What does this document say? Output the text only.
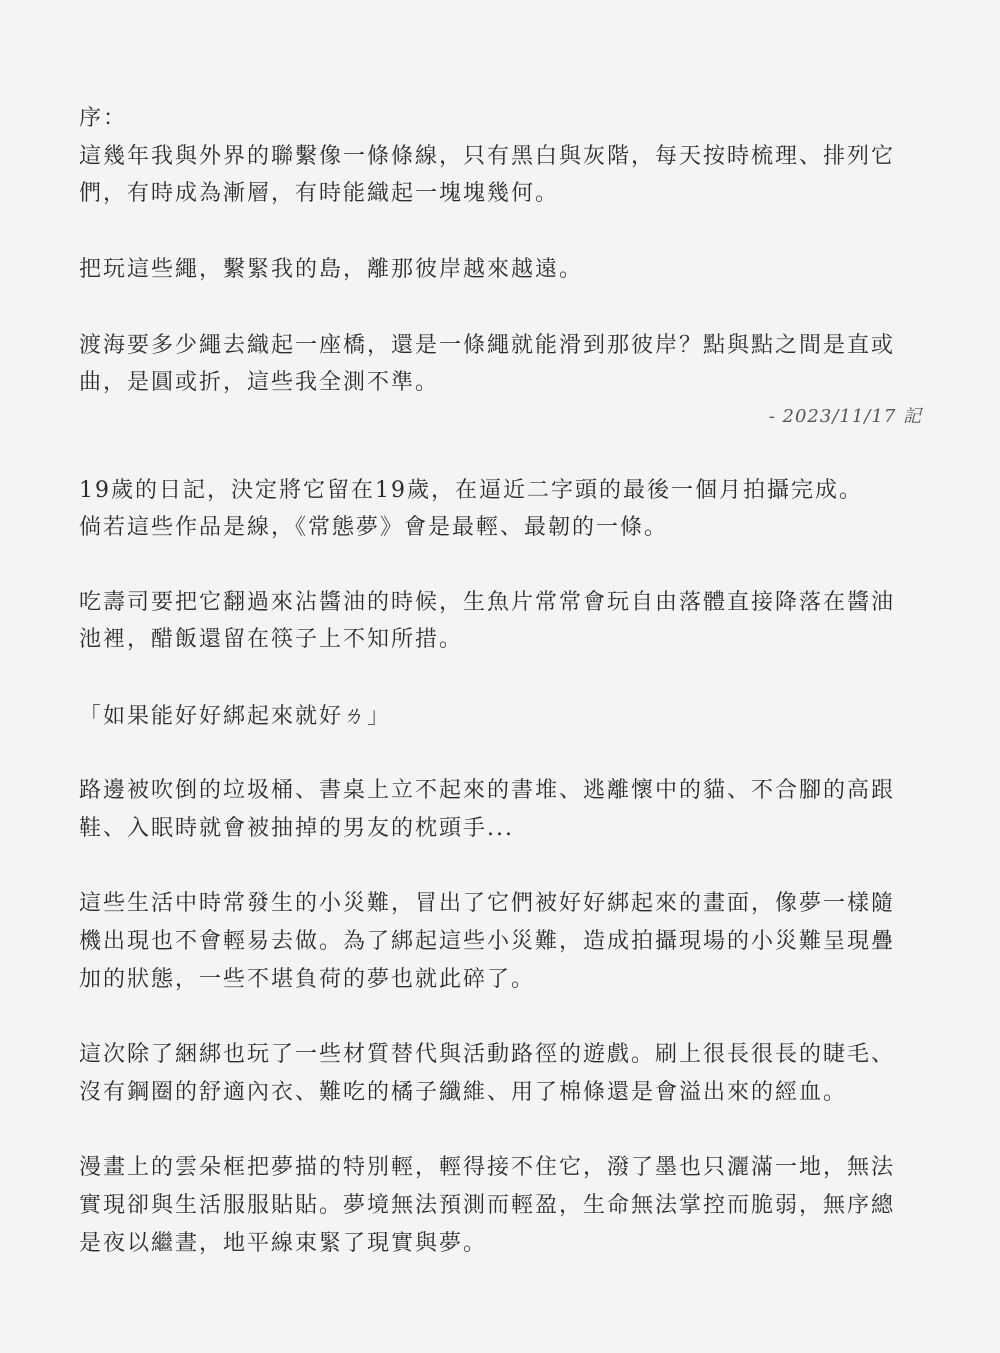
序：
這幾年我與外界的聯繫像一條條線，只有黑白與灰階，每天按時梳理、排列它
們，有時成為漸層，有時能織起一塊塊幾何。
把玩這些繩，繫緊我的島，離那彼岸越來越遠。
渡海要多少繩去織起一座橋，還是一條繩就能滑到那彼岸？點與點之間是直或
曲，是圓或折，這些我全測不準。
- 2023/11/17 記
19歲的日記，決定將它留在19歲，在逼近二字頭的最後一個月拍攝完成。
倘若這些作品是線，《常態夢》會是最輕、最韌的一條。
吃壽司要把它翻過來沾醬油的時候，生魚片常常會玩自由落體直接降落在醬油
池裡，醋飯還留在筷子上不知所措。
「如果能好好綁起來就好ㄌ」
路邊被吹倒的垃圾桶、書桌上立不起來的書堆、逃離懷中的貓、不合腳的高跟
鞋、入眠時就會被抽掉的男友的枕頭手...
這些生活中時常發生的小災難，冒出了它們被好好綁起來的畫面，像夢一樣隨
機出現也不會輕易去做。為了綁起這些小災難，造成拍攝現場的小災難呈現疊
加的狀態，一些不堪負荷的夢也就此碎了。
這次除了綑綁也玩了一些材質替代與活動路徑的遊戲。刷上很長很長的睫毛、
沒有鋼圈的舒適內衣、難吃的橘子纖維、用了棉條還是會溢出來的經血。
漫畫上的雲朵框把夢描的特別輕，輕得接不住它，潑了墨也只灑滿一地，無法
實現卻與生活服服貼貼。夢境無法預測而輕盈，生命無法掌控而脆弱，無序總
是夜以繼晝，地平線束緊了現實與夢。
